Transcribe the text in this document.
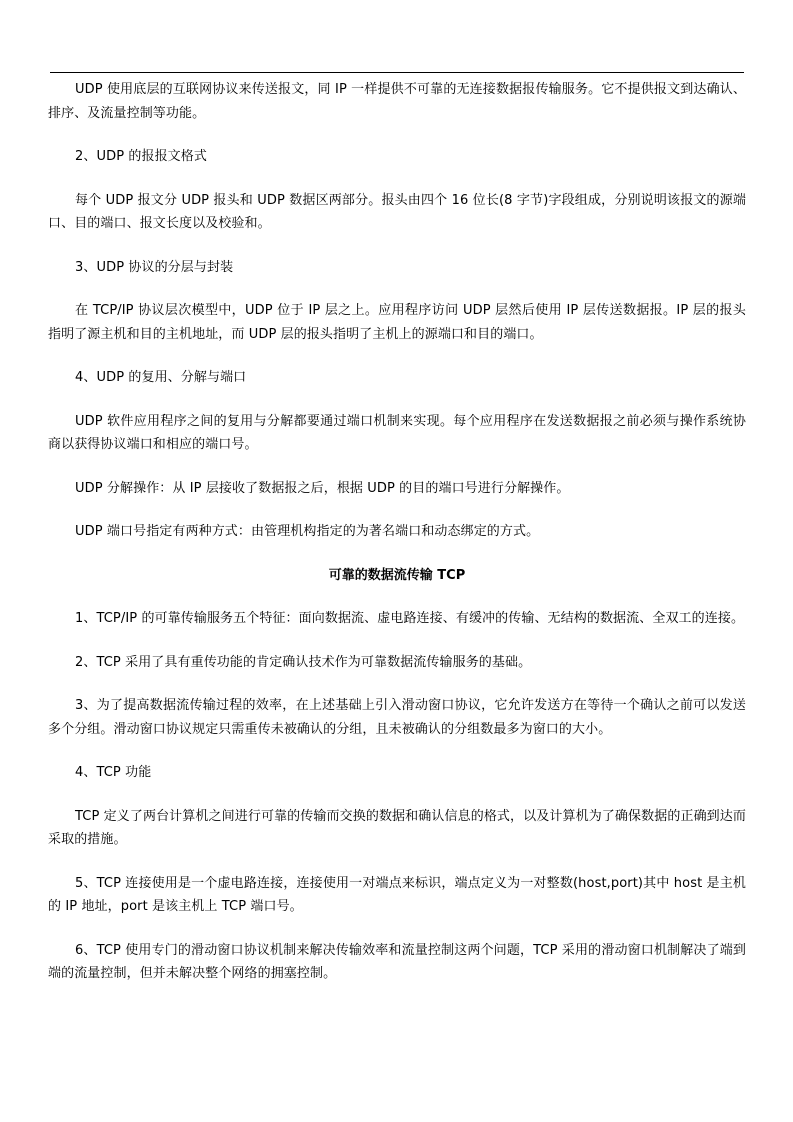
UDP 使用底层的互联网协议来传送报文，同 IP 一样提供不可靠的无连接数据报传输服务。它不提供报文到达确认、排序、及流量控制等功能。

2、UDP 的报报文格式

每个 UDP 报文分 UDP 报头和 UDP 数据区两部分。报头由四个 16 位长(8 字节)字段组成，分别说明该报文的源端口、目的端口、报文长度以及校验和。

3、UDP 协议的分层与封装

在 TCP/IP 协议层次模型中，UDP 位于 IP 层之上。应用程序访问 UDP 层然后使用 IP 层传送数据报。IP 层的报头指明了源主机和目的主机地址，而 UDP 层的报头指明了主机上的源端口和目的端口。

4、UDP 的复用、分解与端口

UDP 软件应用程序之间的复用与分解都要通过端口机制来实现。每个应用程序在发送数据报之前必须与操作系统协商以获得协议端口和相应的端口号。

UDP 分解操作：从 IP 层接收了数据报之后，根据 UDP 的目的端口号进行分解操作。

UDP 端口号指定有两种方式：由管理机构指定的为著名端口和动态绑定的方式。

可靠的数据流传输 TCP

1、TCP/IP 的可靠传输服务五个特征：面向数据流、虚电路连接、有缓冲的传输、无结构的数据流、全双工的连接。

2、TCP 采用了具有重传功能的肯定确认技术作为可靠数据流传输服务的基础。

3、为了提高数据流传输过程的效率，在上述基础上引入滑动窗口协议，它允许发送方在等待一个确认之前可以发送多个分组。滑动窗口协议规定只需重传未被确认的分组，且未被确认的分组数最多为窗口的大小。

4、TCP 功能

TCP 定义了两台计算机之间进行可靠的传输而交换的数据和确认信息的格式，以及计算机为了确保数据的正确到达而采取的措施。

5、TCP 连接使用是一个虚电路连接，连接使用一对端点来标识，端点定义为一对整数(host,port)其中 host 是主机的 IP 地址，port 是该主机上 TCP 端口号。

6、TCP 使用专门的滑动窗口协议机制来解决传输效率和流量控制这两个问题，TCP 采用的滑动窗口机制解决了端到端的流量控制，但并未解决整个网络的拥塞控制。
